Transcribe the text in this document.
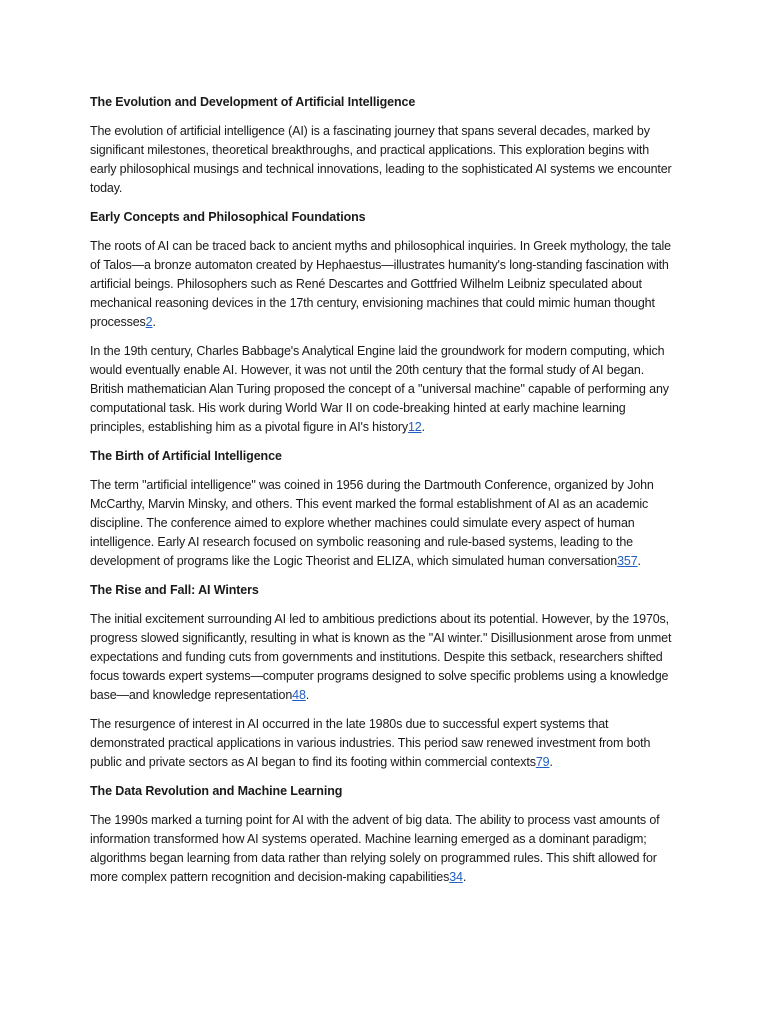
The Evolution and Development of Artificial Intelligence

The evolution of artificial intelligence (AI) is a fascinating journey that spans several decades, marked by significant milestones, theoretical breakthroughs, and practical applications. This exploration begins with early philosophical musings and technical innovations, leading to the sophisticated AI systems we encounter today.

Early Concepts and Philosophical Foundations

The roots of AI can be traced back to ancient myths and philosophical inquiries. In Greek mythology, the tale of Talos—a bronze automaton created by Hephaestus—illustrates humanity's long-standing fascination with artificial beings. Philosophers such as René Descartes and Gottfried Wilhelm Leibniz speculated about mechanical reasoning devices in the 17th century, envisioning machines that could mimic human thought processes2.

In the 19th century, Charles Babbage's Analytical Engine laid the groundwork for modern computing, which would eventually enable AI. However, it was not until the 20th century that the formal study of AI began. British mathematician Alan Turing proposed the concept of a "universal machine" capable of performing any computational task. His work during World War II on code-breaking hinted at early machine learning principles, establishing him as a pivotal figure in AI's history12.

The Birth of Artificial Intelligence

The term "artificial intelligence" was coined in 1956 during the Dartmouth Conference, organized by John McCarthy, Marvin Minsky, and others. This event marked the formal establishment of AI as an academic discipline. The conference aimed to explore whether machines could simulate every aspect of human intelligence. Early AI research focused on symbolic reasoning and rule-based systems, leading to the development of programs like the Logic Theorist and ELIZA, which simulated human conversation357.

The Rise and Fall: AI Winters

The initial excitement surrounding AI led to ambitious predictions about its potential. However, by the 1970s, progress slowed significantly, resulting in what is known as the "AI winter." Disillusionment arose from unmet expectations and funding cuts from governments and institutions. Despite this setback, researchers shifted focus towards expert systems—computer programs designed to solve specific problems using a knowledge base—and knowledge representation48.

The resurgence of interest in AI occurred in the late 1980s due to successful expert systems that demonstrated practical applications in various industries. This period saw renewed investment from both public and private sectors as AI began to find its footing within commercial contexts79.

The Data Revolution and Machine Learning

The 1990s marked a turning point for AI with the advent of big data. The ability to process vast amounts of information transformed how AI systems operated. Machine learning emerged as a dominant paradigm; algorithms began learning from data rather than relying solely on programmed rules. This shift allowed for more complex pattern recognition and decision-making capabilities34.
